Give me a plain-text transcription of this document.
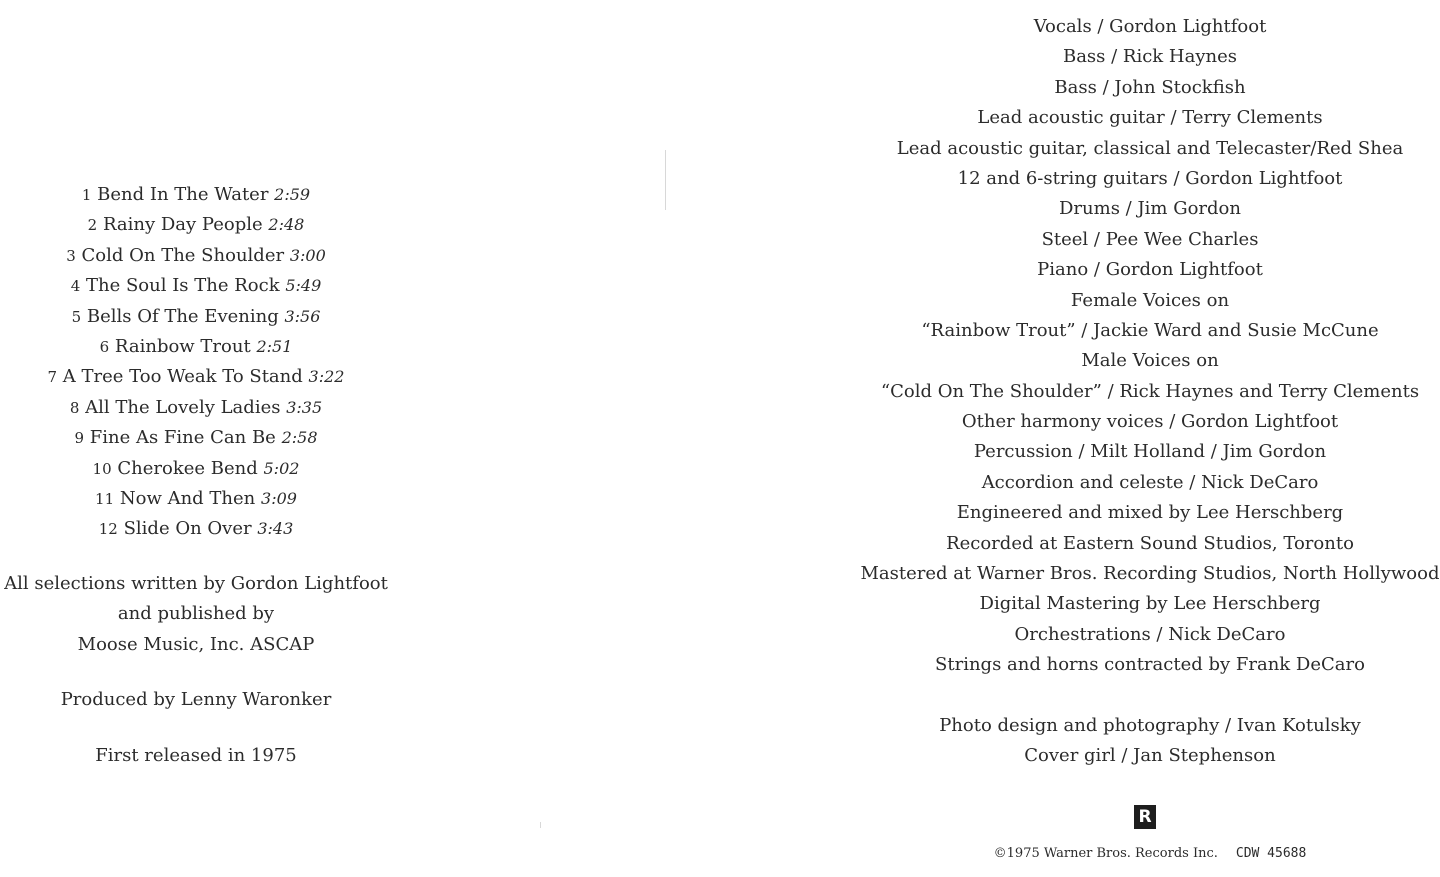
1 Bend In The Water 2:59
2 Rainy Day People 2:48
3 Cold On The Shoulder 3:00
4 The Soul Is The Rock 5:49
5 Bells Of The Evening 3:56
6 Rainbow Trout 2:51
7 A Tree Too Weak To Stand 3:22
8 All The Lovely Ladies 3:35
9 Fine As Fine Can Be 2:58
10 Cherokee Bend 5:02
11 Now And Then 3:09
12 Slide On Over 3:43
All selections written by Gordon Lightfoot
and published by
Moose Music, Inc. ASCAP
Produced by Lenny Waronker
First released in 1975
Vocals / Gordon Lightfoot
Bass / Rick Haynes
Bass / John Stockfish
Lead acoustic guitar / Terry Clements
Lead acoustic guitar, classical and Telecaster/Red Shea
12 and 6-string guitars / Gordon Lightfoot
Drums / Jim Gordon
Steel / Pee Wee Charles
Piano / Gordon Lightfoot
Female Voices on
“Rainbow Trout” / Jackie Ward and Susie McCune
Male Voices on
“Cold On The Shoulder” / Rick Haynes and Terry Clements
Other harmony voices / Gordon Lightfoot
Percussion / Milt Holland / Jim Gordon
Accordion and celeste / Nick DeCaro
Engineered and mixed by Lee Herschberg
Recorded at Eastern Sound Studios, Toronto
Mastered at Warner Bros. Recording Studios, North Hollywood
Digital Mastering by Lee Herschberg
Orchestrations / Nick DeCaro
Strings and horns contracted by Frank DeCaro
Photo design and photography / Ivan Kotulsky
Cover girl / Jan Stephenson
R
©1975 Warner Bros. Records Inc. CDW 45688
